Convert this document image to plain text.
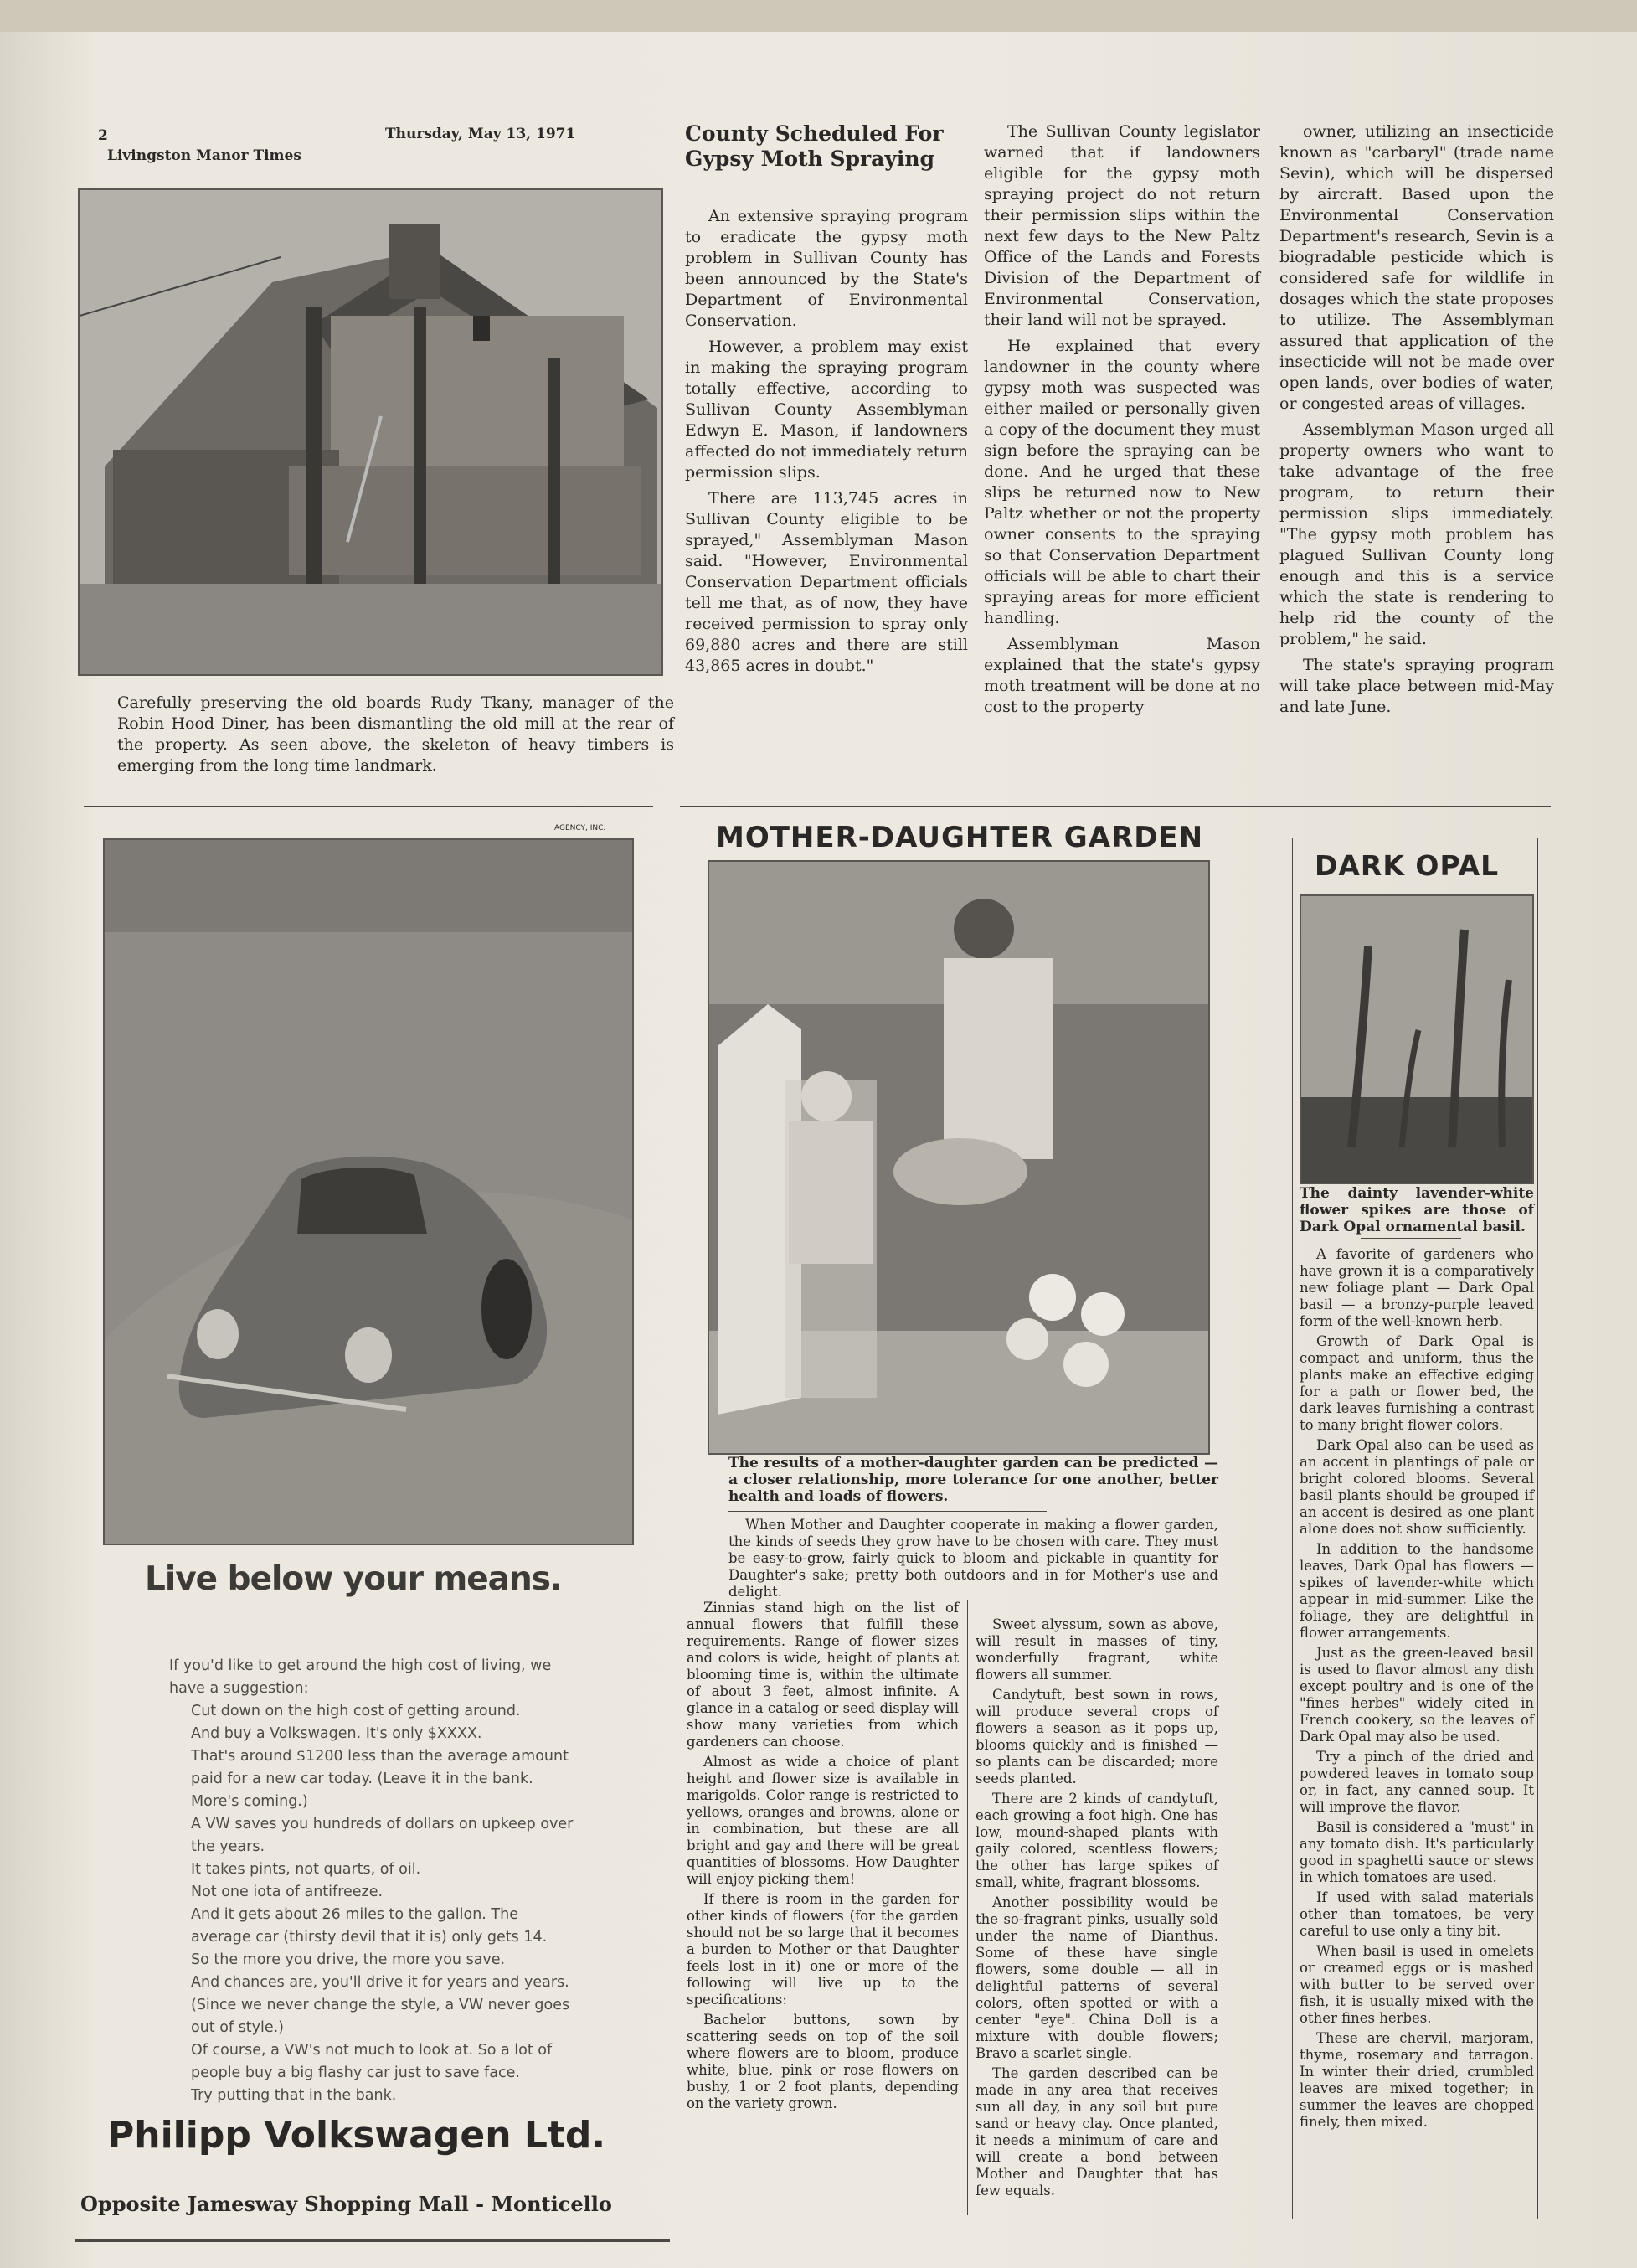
2
Livingston Manor Times
Thursday, May 13, 1971
Carefully preserving the old boards Rudy Tkany, manager of the Robin Hood Diner, has been dismantling the old mill at the rear of the property. As seen above, the skeleton of heavy timbers is emerging from the long time landmark.
County Scheduled For Gypsy Moth Spraying

An extensive spraying program to eradicate the gypsy moth problem in Sullivan County has been announced by the State's Department of Environmental Conservation.

However, a problem may exist in making the spraying program totally effective, according to Sullivan County Assemblyman Edwyn E. Mason, if landowners affected do not immediately return permission slips.

There are 113,745 acres in Sullivan County eligible to be sprayed," Assemblyman Mason said. "However, Environmental Conservation Department officials tell me that, as of now, they have received permission to spray only 69,880 acres and there are still 43,865 acres in doubt."

The Sullivan County legislator warned that if landowners eligible for the gypsy moth spraying project do not return their permission slips within the next few days to the New Paltz Office of the Lands and Forests Division of the Department of Environmental Conservation, their land will not be sprayed.

He explained that every landowner in the county where gypsy moth was suspected was either mailed or personally given a copy of the document they must sign before the spraying can be done. And he urged that these slips be returned now to New Paltz whether or not the property owner consents to the spraying so that Conservation Department officials will be able to chart their spraying areas for more efficient handling.

Assemblyman Mason explained that the state's gypsy moth treatment will be done at no cost to the property

owner, utilizing an insecticide known as "carbaryl" (trade name Sevin), which will be dispersed by aircraft. Based upon the Environmental Conservation Department's research, Sevin is a biogradable pesticide which is considered safe for wildlife in dosages which the state proposes to utilize. The Assemblyman assured that application of the insecticide will not be made over open lands, over bodies of water, or congested areas of villages.

Assemblyman Mason urged all property owners who want to take advantage of the free program, to return their permission slips immediately. "The gypsy moth problem has plagued Sullivan County long enough and this is a service which the state is rendering to help rid the county of the problem," he said.

The state's spraying program will take place between mid-May and late June.

AGENCY, INC.
Live below your means.
If you'd like to get around the high cost of living, we have a suggestion:
Cut down on the high cost of getting around.
And buy a Volkswagen. It's only $XXXX.
That's around $1200 less than the average amount paid for a new car today. (Leave it in the bank. More's coming.)
A VW saves you hundreds of dollars on upkeep over the years.
It takes pints, not quarts, of oil.
Not one iota of antifreeze.
And it gets about 26 miles to the gallon. The average car (thirsty devil that it is) only gets 14.
So the more you drive, the more you save.
And chances are, you'll drive it for years and years. (Since we never change the style, a VW never goes out of style.)
Of course, a VW's not much to look at. So a lot of people buy a big flashy car just to save face.
Try putting that in the bank.
Philipp Volkswagen Ltd.
Opposite Jamesway Shopping Mall - Monticello
MOTHER-DAUGHTER GARDEN
The results of a mother-daughter garden can be predicted — a closer relationship, more tolerance for one another, better health and loads of flowers.

When Mother and Daughter cooperate in making a flower garden, the kinds of seeds they grow have to be chosen with care. They must be easy-to-grow, fairly quick to bloom and pickable in quantity for Daughter's sake; pretty both outdoors and in for Mother's use and delight.

Zinnias stand high on the list of annual flowers that fulfill these requirements. Range of flower sizes and colors is wide, height of plants at blooming time is, within the ultimate of about 3 feet, almost infinite. A glance in a catalog or seed display will show many varieties from which gardeners can choose.

Almost as wide a choice of plant height and flower size is available in marigolds. Color range is restricted to yellows, oranges and browns, alone or in combination, but these are all bright and gay and there will be great quantities of blossoms. How Daughter will enjoy picking them!

If there is room in the garden for other kinds of flowers (for the garden should not be so large that it becomes a burden to Mother or that Daughter feels lost in it) one or more of the following will live up to the specifications:

Bachelor buttons, sown by scattering seeds on top of the soil where flowers are to bloom, produce white, blue, pink or rose flowers on bushy, 1 or 2 foot plants, depending on the variety grown.

Sweet alyssum, sown as above, will result in masses of tiny, wonderfully fragrant, white flowers all summer.

Candytuft, best sown in rows, will produce several crops of flowers a season as it pops up, blooms quickly and is finished — so plants can be discarded; more seeds planted.

There are 2 kinds of candytuft, each growing a foot high. One has low, mound-shaped plants with gaily colored, scentless flowers; the other has large spikes of small, white, fragrant blossoms.

Another possibility would be the so-fragrant pinks, usually sold under the name of Dianthus. Some of these have single flowers, some double — all in delightful patterns of several colors, often spotted or with a center "eye". China Doll is a mixture with double flowers; Bravo a scarlet single.

The garden described can be made in any area that receives sun all day, in any soil but pure sand or heavy clay. Once planted, it needs a minimum of care and will create a bond between Mother and Daughter that has few equals.

DARK OPAL
The dainty lavender-white flower spikes are those of Dark Opal ornamental basil.

A favorite of gardeners who have grown it is a comparatively new foliage plant — Dark Opal basil — a bronzy-purple leaved form of the well-known herb.

Growth of Dark Opal is compact and uniform, thus the plants make an effective edging for a path or flower bed, the dark leaves furnishing a contrast to many bright flower colors.

Dark Opal also can be used as an accent in plantings of pale or bright colored blooms. Several basil plants should be grouped if an accent is desired as one plant alone does not show sufficiently.

In addition to the handsome leaves, Dark Opal has flowers — spikes of lavender-white which appear in mid-summer. Like the foliage, they are delightful in flower arrangements.

Just as the green-leaved basil is used to flavor almost any dish except poultry and is one of the "fines herbes" widely cited in French cookery, so the leaves of Dark Opal may also be used.

Try a pinch of the dried and powdered leaves in tomato soup or, in fact, any canned soup. It will improve the flavor.

Basil is considered a "must" in any tomato dish. It's particularly good in spaghetti sauce or stews in which tomatoes are used.

If used with salad materials other than tomatoes, be very careful to use only a tiny bit.

When basil is used in omelets or creamed eggs or is mashed with butter to be served over fish, it is usually mixed with the other fines herbes.

These are chervil, marjoram, thyme, rosemary and tarragon. In winter their dried, crumbled leaves are mixed together; in summer the leaves are chopped finely, then mixed.
